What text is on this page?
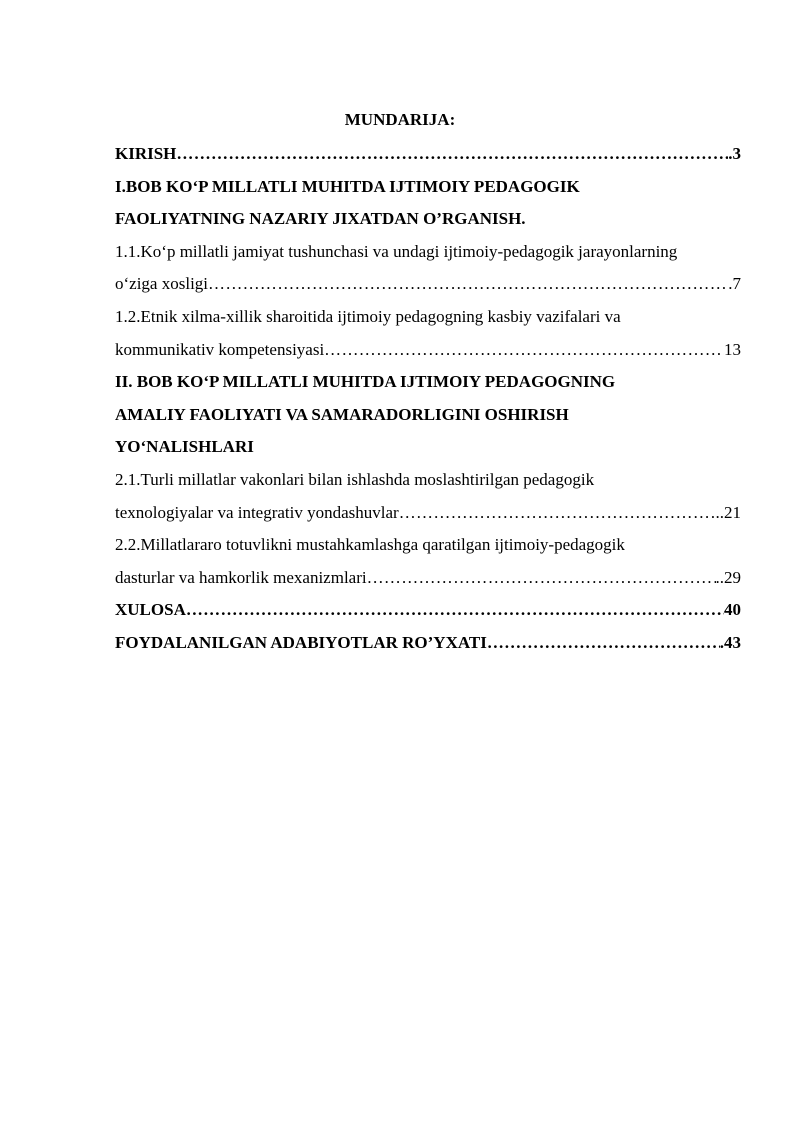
MUNDARIJA:
KIRISH ………………………………………………………………………………………………………………………………………………………………	.3
I.BOB KO‘P MILLATLI MUHITDA IJTIMOIY PEDAGOGIK
FAOLIYATNING NAZARIY JIXATDAN O’RGANISH.
1.1.Ko‘p millatli jamiyat tushunchasi va undagi ijtimoiy-pedagogik jarayonlarning
o‘ziga xosligi ………………………………………………………………………………………………………………………………………………………………	.7
1.2.Etnik xilma-xillik sharoitida ijtimoiy pedagogning kasbiy vazifalari va
kommunikativ kompetensiyasi ………………………………………………………………………………………………………………………………………………………………	13
II. BOB KO‘P MILLATLI MUHITDA IJTIMOIY PEDAGOGNING
AMALIY FAOLIYATI VA SAMARADORLIGINI OSHIRISH
YO‘NALISHLARI
2.1.Turli millatlar vakonlari bilan ishlashda moslashtirilgan pedagogik
texnologiyalar va integrativ yondashuvlar ………………………………………………………………………………………………………………………………………………………………	..21
2.2.Millatlararo totuvlikni mustahkamlashga qaratilgan ijtimoiy-pedagogik
dasturlar va hamkorlik mexanizmlari ………………………………………………………………………………………………………………………………………………………………	..29
XULOSA ………………………………………………………………………………………………………………………………………………………………	40
FOYDALANILGAN ADABIYOTLAR RO’YXATI ………………………………………………………………………………………………………………………………………………………………	.43
